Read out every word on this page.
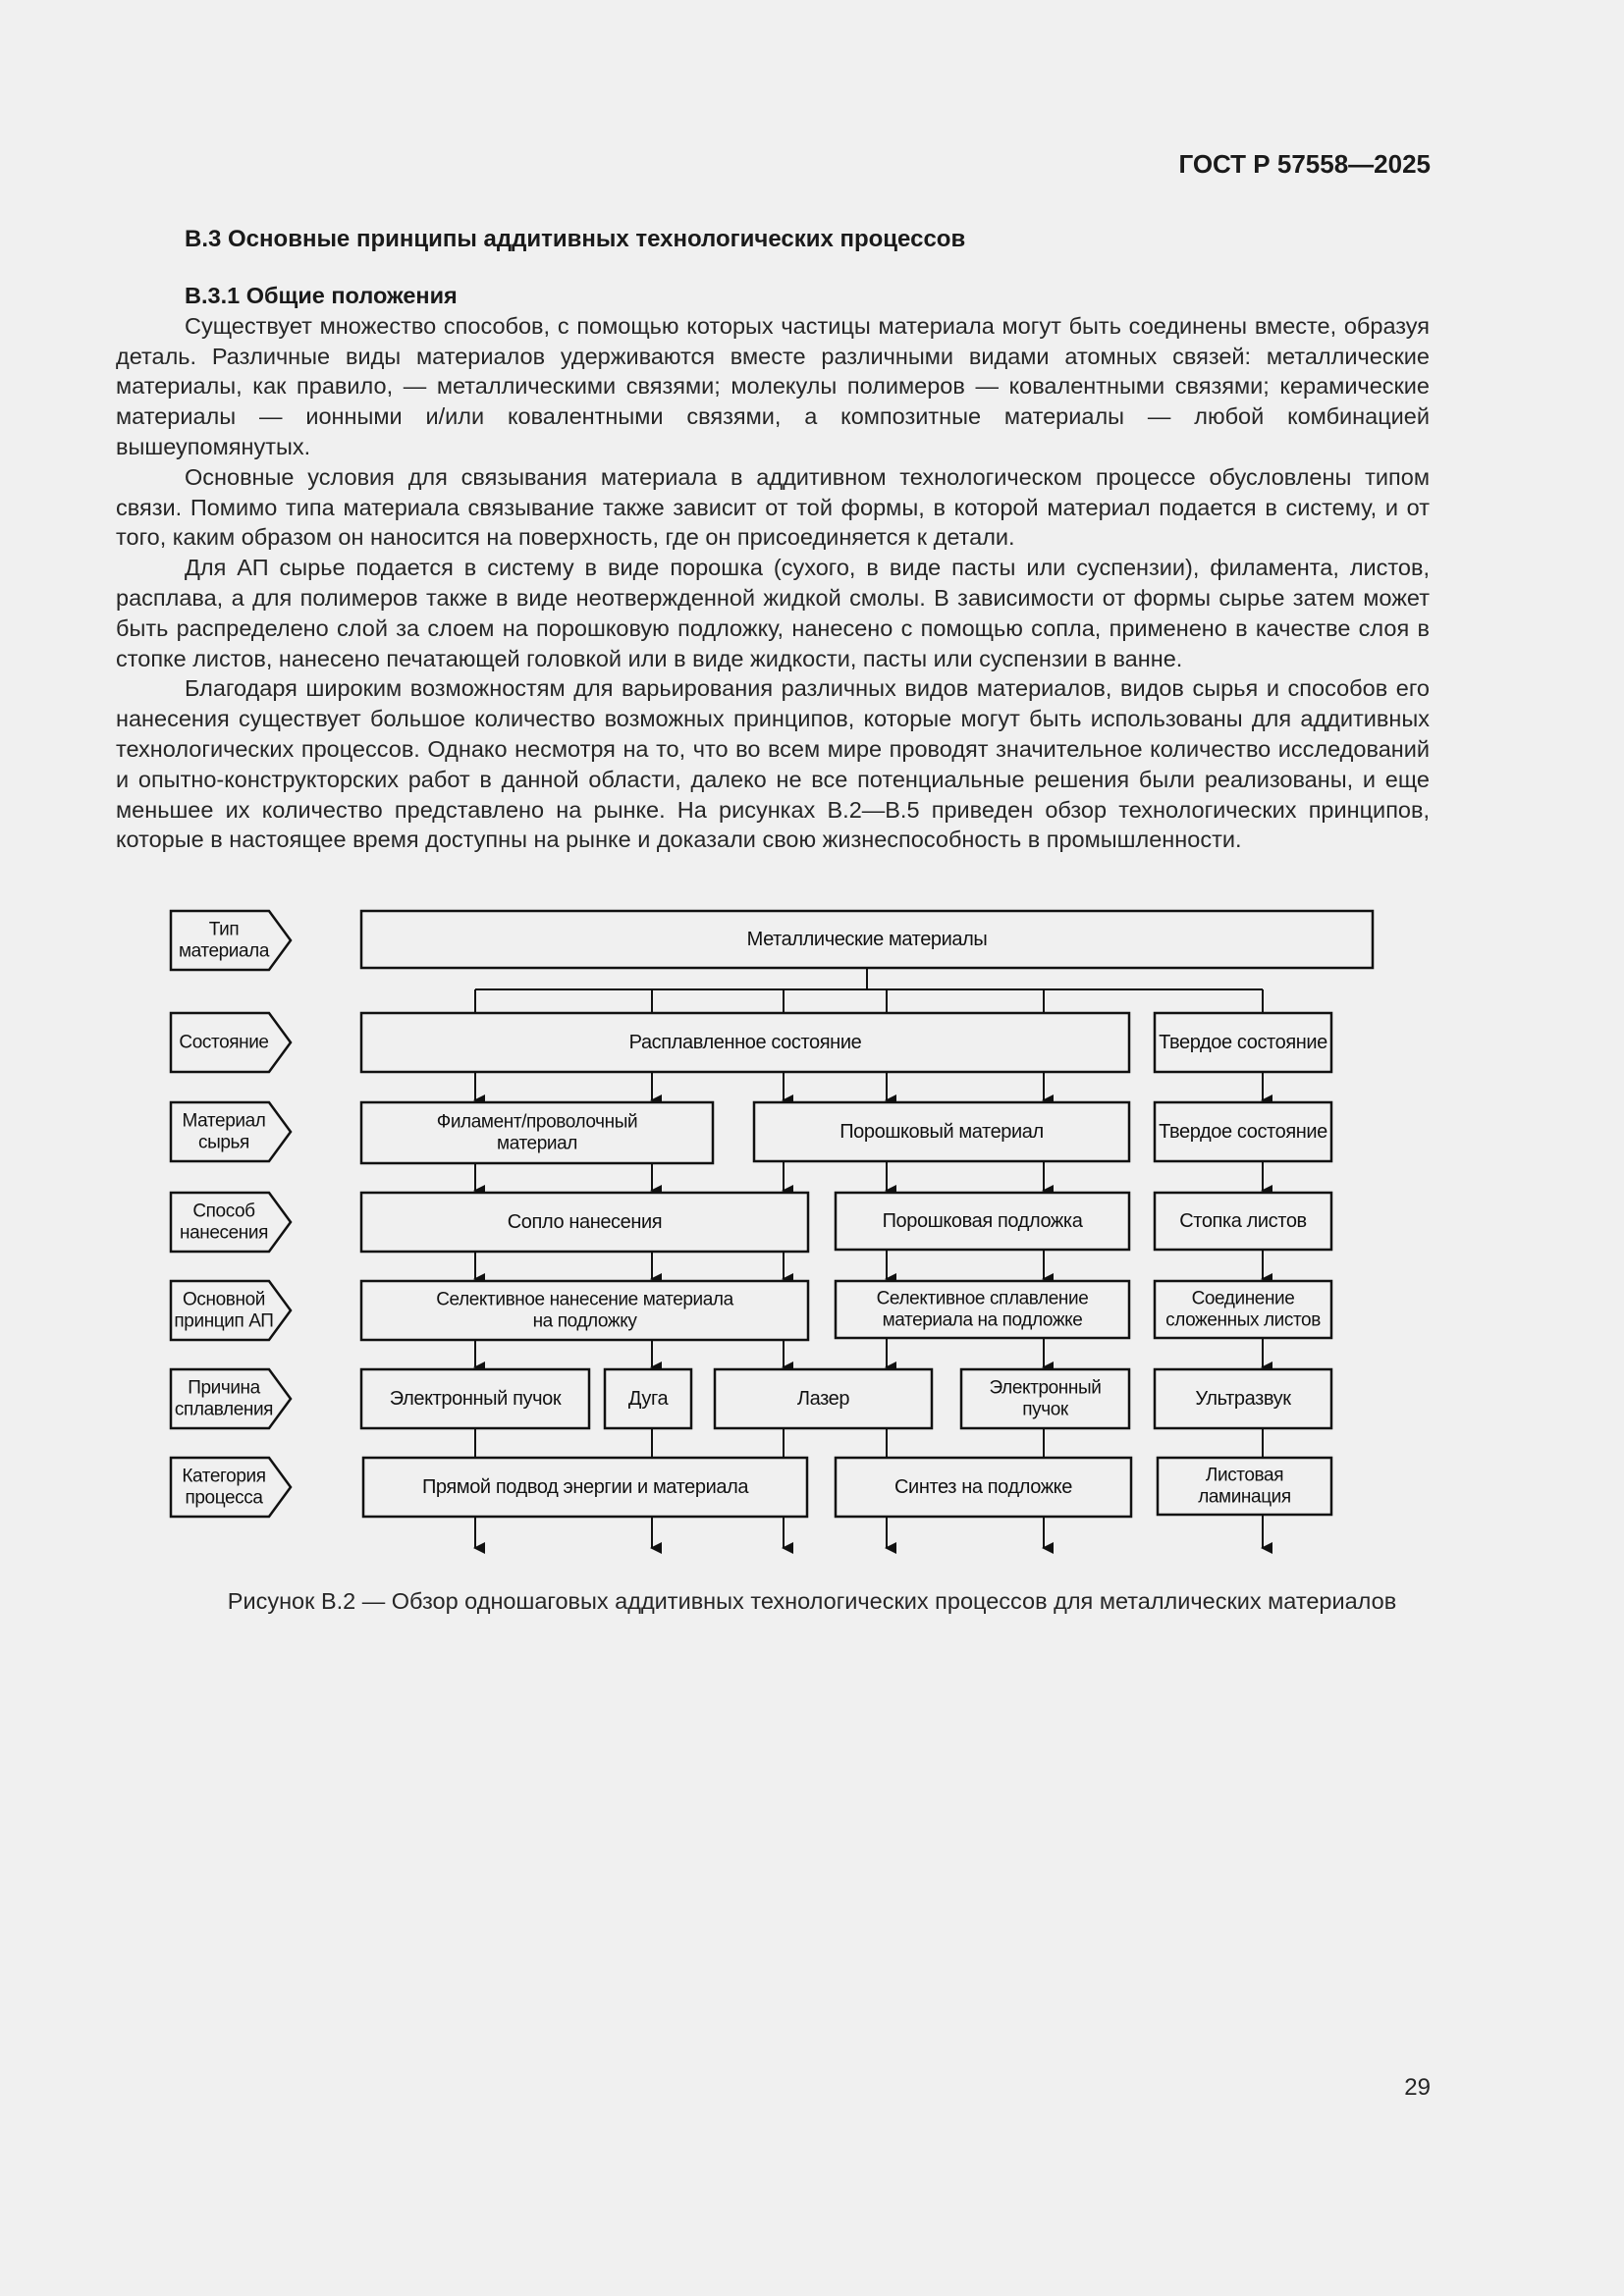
ГОСТ Р 57558—2025
В.3 Основные принципы аддитивных технологических процессов
В.3.1 Общие положения

Существует множество способов, с помощью которых частицы материала могут быть соединены вместе, образуя деталь. Различные виды материалов удерживаются вместе различными видами атомных связей: металлические материалы, как правило, — металлическими связями; молекулы полимеров — ковалентными связями; керамические материалы — ионными и/или ковалентными связями, а композитные материалы — любой комбинацией вышеупомянутых.

Основные условия для связывания материала в аддитивном технологическом процессе обусловлены типом связи. Помимо типа материала связывание также зависит от той формы, в которой материал подается в систему, и от того, каким образом он наносится на поверхность, где он присоединяется к детали.

Для АП сырье подается в систему в виде порошка (сухого, в виде пасты или суспензии), филамента, листов, расплава, а для полимеров также в виде неотвержденной жидкой смолы. В зависимости от формы сырье затем может быть распределено слой за слоем на порошковую подложку, нанесено с помощью сопла, применено в качестве слоя в стопке листов, нанесено печатающей головкой или в виде жидкости, пасты или суспензии в ванне.

Благодаря широким возможностям для варьирования различных видов материалов, видов сырья и способов его нанесения существует большое количество возможных принципов, которые могут быть использованы для аддитивных технологических процессов. Однако несмотря на то, что во всем мире проводят значительное количество исследований и опытно-конструкторских работ в данной области, далеко не все потенциальные решения были реализованы, и еще меньшее их количество представлено на рынке. На рисунках В.2—В.5 приведен обзор технологических принципов, которые в настоящее время доступны на рынке и доказали свою жизнеспособность в промышленности.

Тип
материала
Состояние
Материал
сырья
Способ
нанесения
Основной
принцип АП
Причина
сплавления
Категория
процесса
Металлические материалы
Расплавленное состояние	Твердое состояние
Филамент/проволочный
материал
Порошковый материал	Твердое состояние
Сопло нанесения	Порошковая подложка	Стопка листов
Селективное нанесение материала
на подложку
Селективное сплавление
материала на подложке
Соединение
сложенных листов
Электронный пучок	Дуга	Лазер	Электронный
пучок	Ультразвук
Прямой подвод энергии и материала	Синтез на подложке
Листовая
ламинация
Рисунок В.2 — Обзор одношаговых аддитивных технологических процессов для металлических материалов
29
